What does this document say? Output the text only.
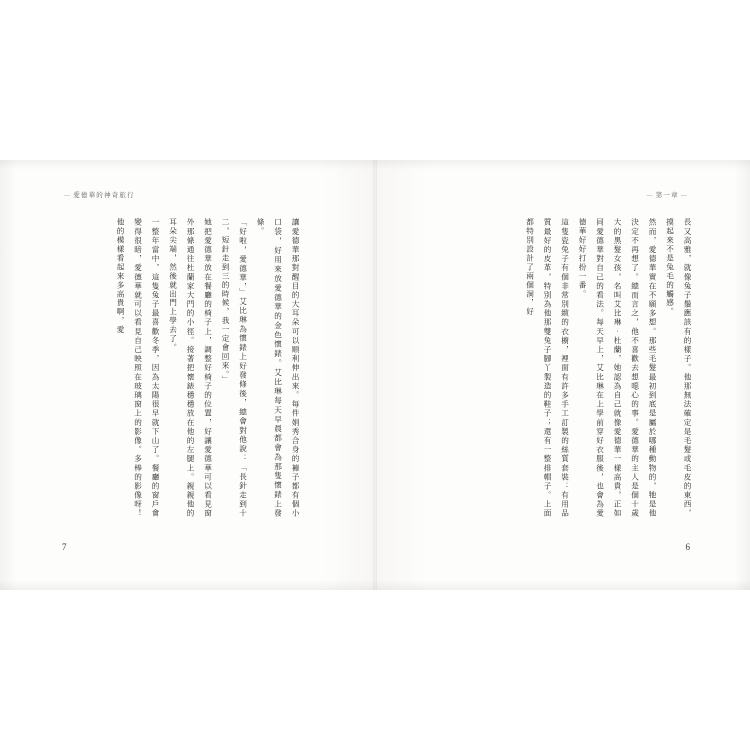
— 愛德華的神奇旅行

讓愛德華那對醒目的大耳朵可以順利伸出來。每件娟秀合身的褲子都有個小口袋，好用來放愛德華的金色懷錶。艾比琳每天早晨都會為那隻懷錶上發條。

「好啦，愛德華，」艾比琳為懷錶上好發條後，總會對他說：「長針走到十二，短針走到三的時候，我一定會回來。」

她把愛德華放在餐廳的椅子上，調整好椅子的位置，好讓愛德華可以看見窗外那條通往杜蘭家大門的小徑。接著把懷錶穩穩放在他的左腿上。親親他的耳朵尖端，然後就出門上學去了。

一整年當中，這隻兔子最喜歡冬季，因為太陽很早就下山了。餐廳的窗戶會變得很暗，愛德華就可以看見自己映照在玻璃窗上的影像。多棒的影像呀！他的模樣看起來多高貴啊，愛

7
— 第一章 —

長又高雅，就像兔子鬚應該有的樣子。他那無法確定是毛髮或毛皮的東西，摸起來不是兔毛的觸感。

然而，愛德華實在不願多想。那些毛髮最初到底是屬於哪種動物的，牠是他決定不再想了。總而言之，他不喜歡去想噁心的事。愛德華的主人是個十歲大的黑髮女孩，名叫艾比琳‧杜蘭，她認為自己就像愛德華一樣高貴，正如同愛德華對自己的看法。每天早上，艾比琳在上學前穿好衣服後，也會為愛德華好好打扮一番。

這隻瓷兔子有個非常別緻的衣櫥，裡面有許多手工訂製的絲質套裝：有用品質最好的皮革，特別為他那雙兔子腳丫製造的鞋子；還有一整排帽子。上面都特別設計了兩個洞，好

6
